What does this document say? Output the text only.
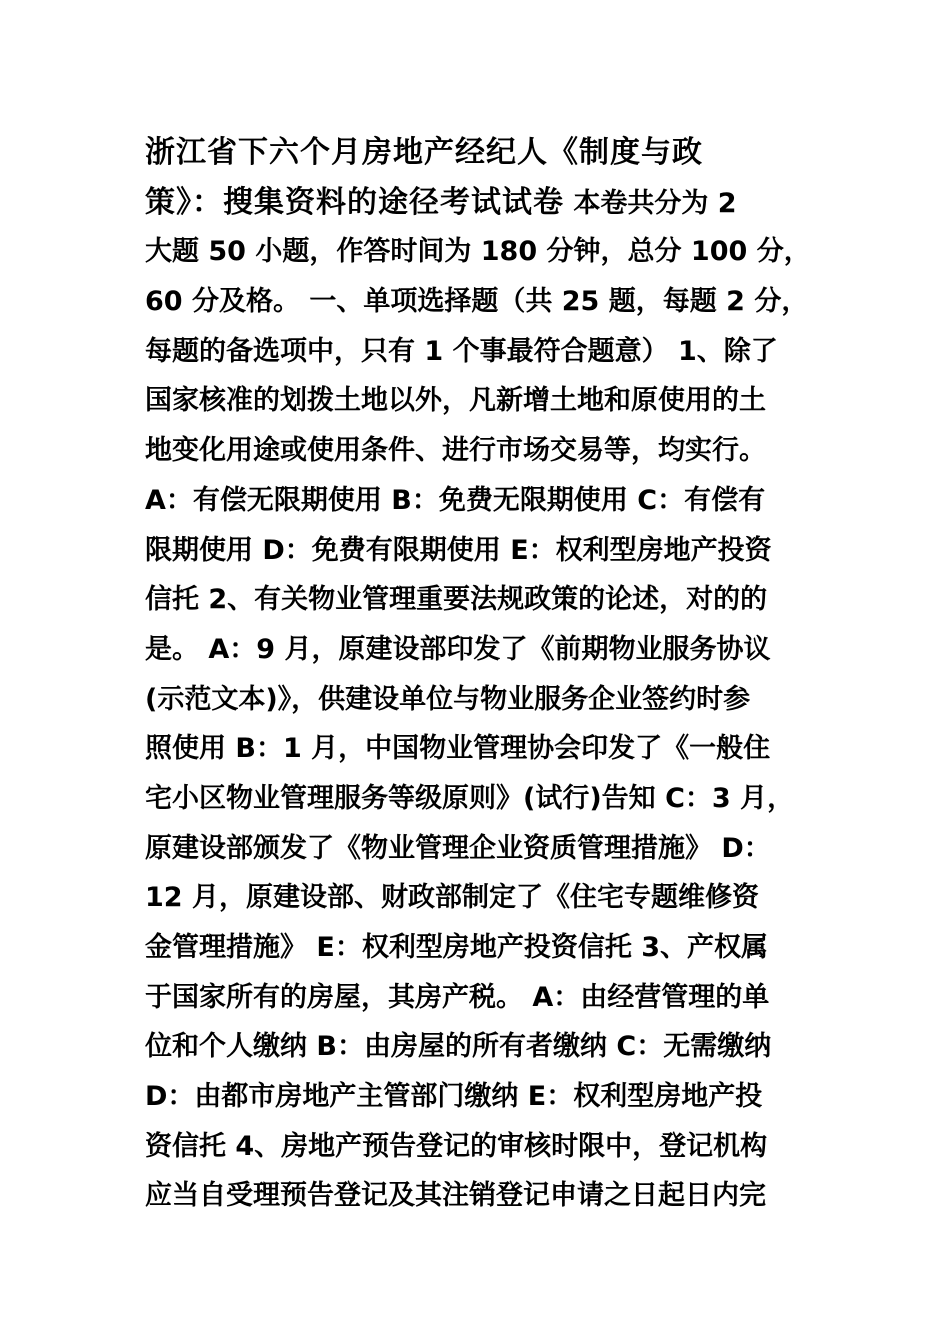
浙江省下六个月房地产经纪人《制度与政
策》：搜集资料的途径考试试卷 本卷共分为 2
大题 50 小题，作答时间为 180 分钟，总分 100 分，
60 分及格。 一、单项选择题（共 25 题，每题 2 分，
每题的备选项中，只有 1 个事最符合题意） 1、除了
国家核准的划拨土地以外，凡新增土地和原使用的土
地变化用途或使用条件、进行市场交易等，均实行。
A：有偿无限期使用 B：免费无限期使用 C：有偿有
限期使用 D：免费有限期使用 E：权利型房地产投资
信托 2、有关物业管理重要法规政策的论述，对的的
是。 A：9 月，原建设部印发了《前期物业服务协议
(示范文本)》，供建设单位与物业服务企业签约时参
照使用 B：1 月，中国物业管理协会印发了《一般住
宅小区物业管理服务等级原则》(试行)告知 C：3 月，
原建设部颁发了《物业管理企业资质管理措施》 D：
12 月，原建设部、财政部制定了《住宅专题维修资
金管理措施》 E：权利型房地产投资信托 3、产权属
于国家所有的房屋，其房产税。 A：由经营管理的单
位和个人缴纳 B：由房屋的所有者缴纳 C：无需缴纳
D：由都市房地产主管部门缴纳 E：权利型房地产投
资信托 4、房地产预告登记的审核时限中，登记机构
应当自受理预告登记及其注销登记申请之日起日内完
